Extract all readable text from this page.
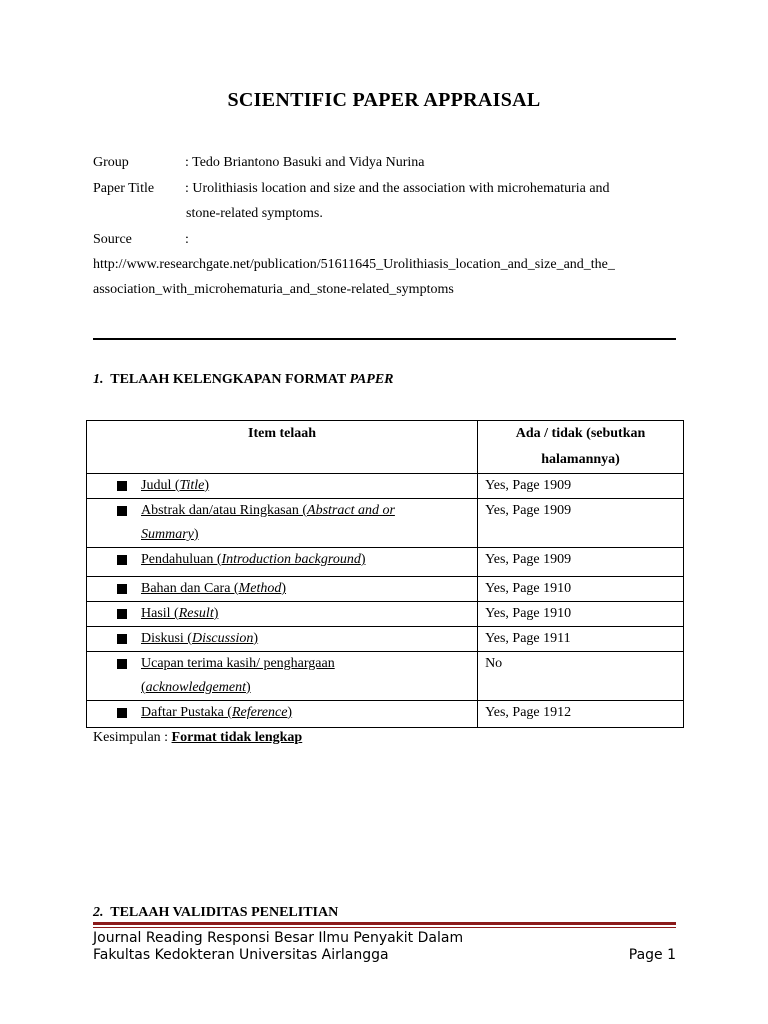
SCIENTIFIC PAPER APPRAISAL
Group	: Tedo Briantono Basuki and Vidya Nurina
Paper Title : Urolithiasis location and size and the association with microhematuria and
stone-related symptoms.
Source	:
http://www.researchgate.net/publication/51611645_Urolithiasis_location_and_size_and_the_
association_with_microhematuria_and_stone-related_symptoms
1. TELAAH KELENGKAPAN FORMAT PAPER
Item telaah	Ada / tidak (sebutkan
halamannya)

Judul (Title)	Yes, Page 1909

Abstrak dan/atau Ringkasan (Abstract and or
Summary)	Yes, Page 1909

Pendahuluan (Introduction background)	Yes, Page 1909

Bahan dan Cara (Method)	Yes, Page 1910

Hasil (Result)	Yes, Page 1910

Diskusi (Discussion)	Yes, Page 1911

Ucapan terima kasih/ penghargaan
(acknowledgement)	No

Daftar Pustaka (Reference)	Yes, Page 1912
Kesimpulan : Format tidak lengkap
2. TELAAH VALIDITAS PENELITIAN
Journal Reading Responsi Besar Ilmu Penyakit Dalam
Fakultas Kedokteran Universitas Airlangga	Page 1
